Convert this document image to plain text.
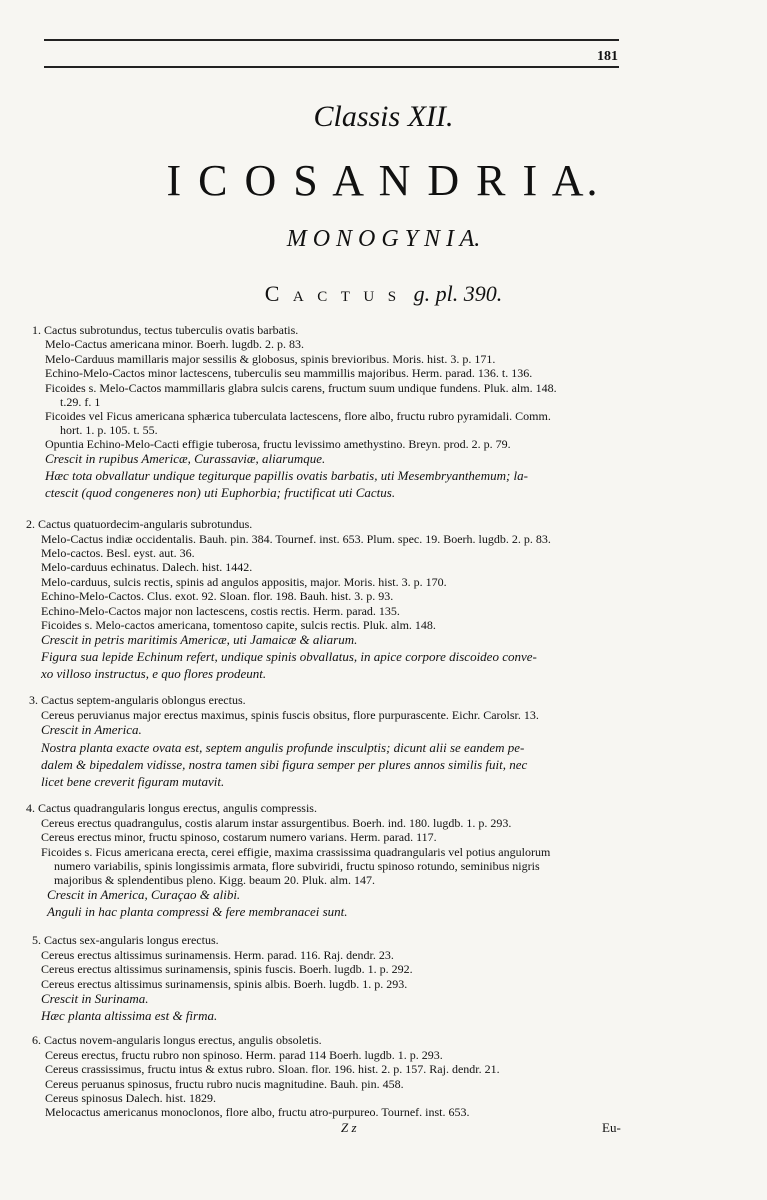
181
Classis XII.
I C O S A N D R I A.
M O N O G Y N I A.
C a c t u s g. pl. 390.
1. Cactus subrotundus, tectus tuberculis ovatis barbatis.
Melo-Cactus americana minor. Boerh. lugdb. 2. p. 83.
Melo-Carduus mamillaris major sessilis & globosus, spinis brevioribus. Moris. hist. 3. p. 171.
Echino-Melo-Cactos minor lactescens, tuberculis seu mammillis majoribus. Herm. parad. 136. t. 136.
Ficoides s. Melo-Cactos mammillaris glabra sulcis carens, fructum suum undique fundens. Pluk. alm. 148.
t.29. f. 1
Ficoides vel Ficus americana sphærica tuberculata lactescens, flore albo, fructu rubro pyramidali. Comm.
hort. 1. p. 105. t. 55.
Opuntia Echino-Melo-Cacti effigie tuberosa, fructu levissimo amethystino. Breyn. prod. 2. p. 79.
Crescit in rupibus Americæ, Curassaviæ, aliarumque.
Hæc tota obvallatur undique tegiturque papillis ovatis barbatis, uti Mesembryanthemum; la-
ctescit (quod congeneres non) uti Euphorbia; fructificat uti Cactus.
2. Cactus quatuordecim-angularis subrotundus.
Melo-Cactus indiæ occidentalis. Bauh. pin. 384. Tournef. inst. 653. Plum. spec. 19. Boerh. lugdb. 2. p. 83.
Melo-cactos. Besl. eyst. aut. 36.
Melo-carduus echinatus. Dalech. hist. 1442.
Melo-carduus, sulcis rectis, spinis ad angulos appositis, major. Moris. hist. 3. p. 170.
Echino-Melo-Cactos. Clus. exot. 92. Sloan. flor. 198. Bauh. hist. 3. p. 93.
Echino-Melo-Cactos major non lactescens, costis rectis. Herm. parad. 135.
Ficoides s. Melo-cactos americana, tomentoso capite, sulcis rectis. Pluk. alm. 148.
Crescit in petris maritimis Americæ, uti Jamaicæ & aliarum.
Figura sua lepide Echinum refert, undique spinis obvallatus, in apice corpore discoideo conve-
xo villoso instructus, e quo flores prodeunt.
3. Cactus septem-angularis oblongus erectus.
Cereus peruvianus major erectus maximus, spinis fuscis obsitus, flore purpurascente. Eichr. Carolsr. 13.
Crescit in America.
Nostra planta exacte ovata est, septem angulis profunde insculptis; dicunt alii se eandem pe-
dalem & bipedalem vidisse, nostra tamen sibi figura semper per plures annos similis fuit, nec
licet bene creverit figuram mutavit.
4. Cactus quadrangularis longus erectus, angulis compressis.
Cereus erectus quadrangulus, costis alarum instar assurgentibus. Boerh. ind. 180. lugdb. 1. p. 293.
Cereus erectus minor, fructu spinoso, costarum numero varians. Herm. parad. 117.
Ficoides s. Ficus americana erecta, cerei effigie, maxima crassissima quadrangularis vel potius angulorum
numero variabilis, spinis longissimis armata, flore subviridi, fructu spinoso rotundo, seminibus nigris
majoribus & splendentibus pleno. Kigg. beaum 20. Pluk. alm. 147.
Crescit in America, Curaçao & alibi.
Anguli in hac planta compressi & fere membranacei sunt.
5. Cactus sex-angularis longus erectus.
Cereus erectus altissimus surinamensis. Herm. parad. 116. Raj. dendr. 23.
Cereus erectus altissimus surinamensis, spinis fuscis. Boerh. lugdb. 1. p. 292.
Cereus erectus altissimus surinamensis, spinis albis. Boerh. lugdb. 1. p. 293.
Crescit in Surinama.
Hæc planta altissima est & firma.
6. Cactus novem-angularis longus erectus, angulis obsoletis.
Cereus erectus, fructu rubro non spinoso. Herm. parad 114 Boerh. lugdb. 1. p. 293.
Cereus crassissimus, fructu intus & extus rubro. Sloan. flor. 196. hist. 2. p. 157. Raj. dendr. 21.
Cereus peruanus spinosus, fructu rubro nucis magnitudine. Bauh. pin. 458.
Cereus spinosus Dalech. hist. 1829.
Melocactus americanus monoclonos, flore albo, fructu atro-purpureo. Tournef. inst. 653.
Z z	Eu-
